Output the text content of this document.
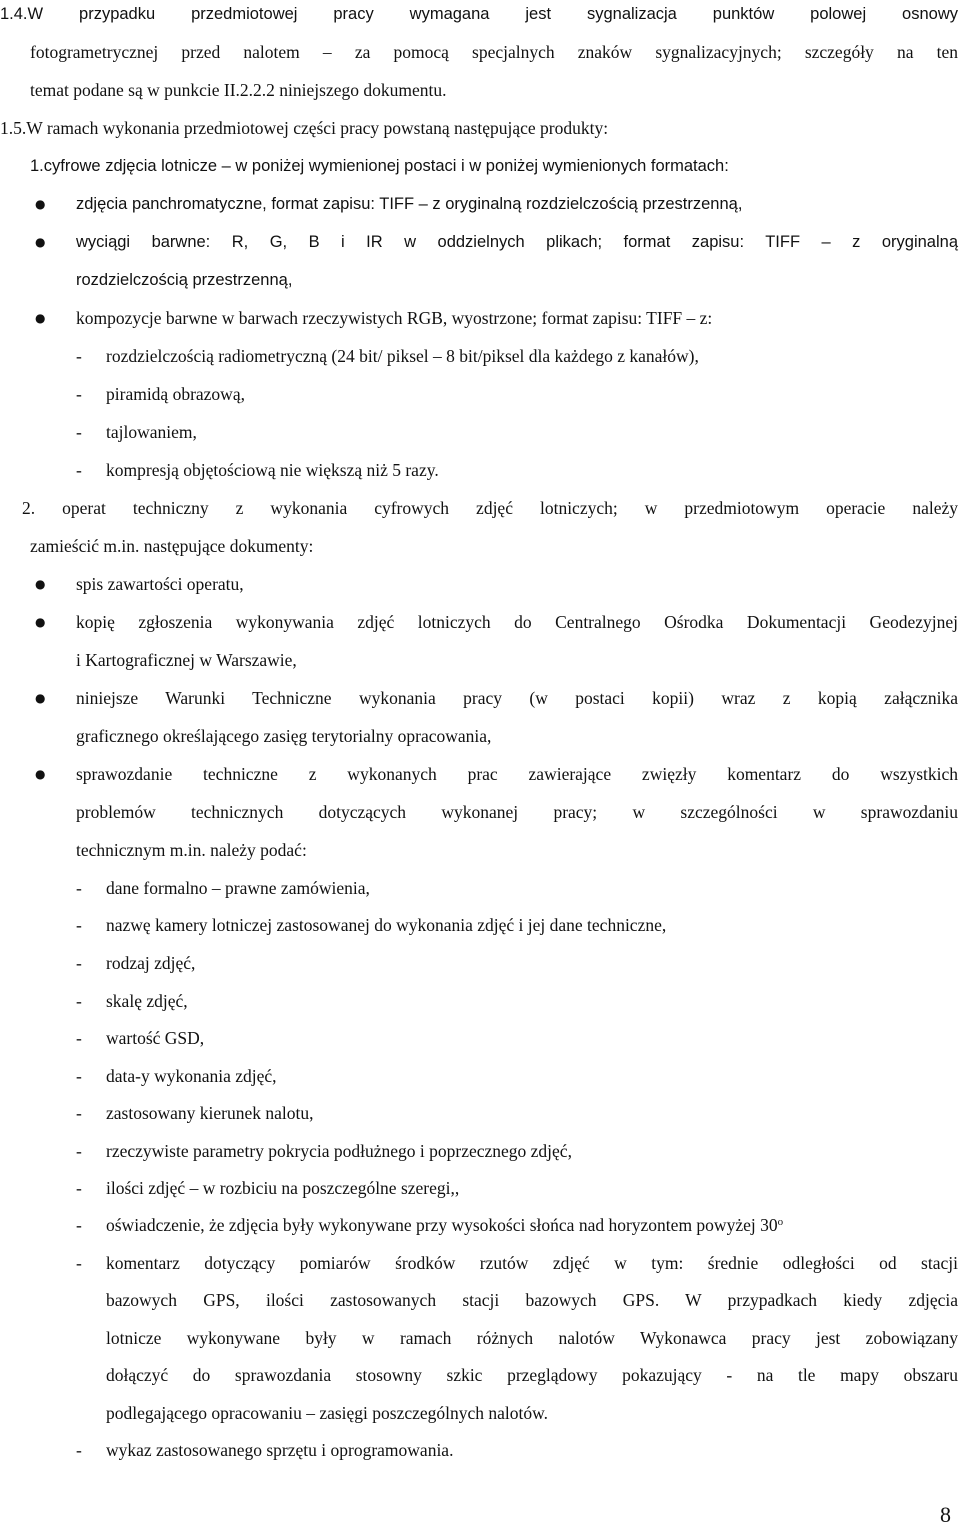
1.4.W przypadku przedmiotowej pracy wymagana jest sygnalizacja punktów polowej osnowy

fotogrametrycznej przed nalotem – za pomocą specjalnych znaków sygnalizacyjnych; szczegóły na ten

temat podane są w punkcie II.2.2.2 niniejszego dokumentu.

1.5.W ramach wykonania przedmiotowej części pracy powstaną następujące produkty:

1.cyfrowe zdjęcia lotnicze – w poniżej wymienionej postaci i w poniżej wymienionych formatach:

● zdjęcia panchromatyczne, format zapisu: TIFF – z oryginalną rozdzielczością przestrzenną,

● wyciągi barwne: R, G, B i IR w oddzielnych plikach; format zapisu: TIFF – z oryginalną

rozdzielczością przestrzenną,

● kompozycje barwne w barwach rzeczywistych RGB, wyostrzone; format zapisu: TIFF – z:

- rozdzielczością radiometryczną (24 bit/ piksel – 8 bit/piksel dla każdego z kanałów),

- piramidą obrazową,

- tajlowaniem,

- kompresją objętościową nie większą niż 5 razy.

2. operat techniczny z wykonania cyfrowych zdjęć lotniczych; w przedmiotowym operacie należy

zamieścić m.in. następujące dokumenty:

● spis zawartości operatu,

● kopię zgłoszenia wykonywania zdjęć lotniczych do Centralnego Ośrodka Dokumentacji Geodezyjnej

i Kartograficznej w Warszawie,

● niniejsze Warunki Techniczne wykonania pracy (w postaci kopii) wraz z kopią załącznika

graficznego określającego zasięg terytorialny opracowania,

● sprawozdanie techniczne z wykonanych prac zawierające zwięzły komentarz do wszystkich

problemów technicznych dotyczących wykonanej pracy; w szczególności w sprawozdaniu

technicznym m.in. należy podać:

- dane formalno – prawne zamówienia,

- nazwę kamery lotniczej zastosowanej do wykonania zdjęć i jej dane techniczne,

- rodzaj zdjęć,

- skalę zdjęć,

- wartość GSD,

- data-y wykonania zdjęć,

- zastosowany kierunek nalotu,

- rzeczywiste parametry pokrycia podłużnego i poprzecznego zdjęć,

- ilości zdjęć – w rozbiciu na poszczególne szeregi,,

- oświadczenie, że zdjęcia były wykonywane przy wysokości słońca nad horyzontem powyżej 30$^o$

- komentarz dotyczący pomiarów środków rzutów zdjęć w tym: średnie odległości od stacji

bazowych GPS, ilości zastosowanych stacji bazowych GPS. W przypadkach kiedy zdjęcia

lotnicze wykonywane były w ramach różnych nalotów Wykonawca pracy jest zobowiązany

dołączyć do sprawozdania stosowny szkic przeglądowy pokazujący - na tle mapy obszaru

podlegającego opracowaniu – zasięgi poszczególnych nalotów.

- wykaz zastosowanego sprzętu i oprogramowania.

8
